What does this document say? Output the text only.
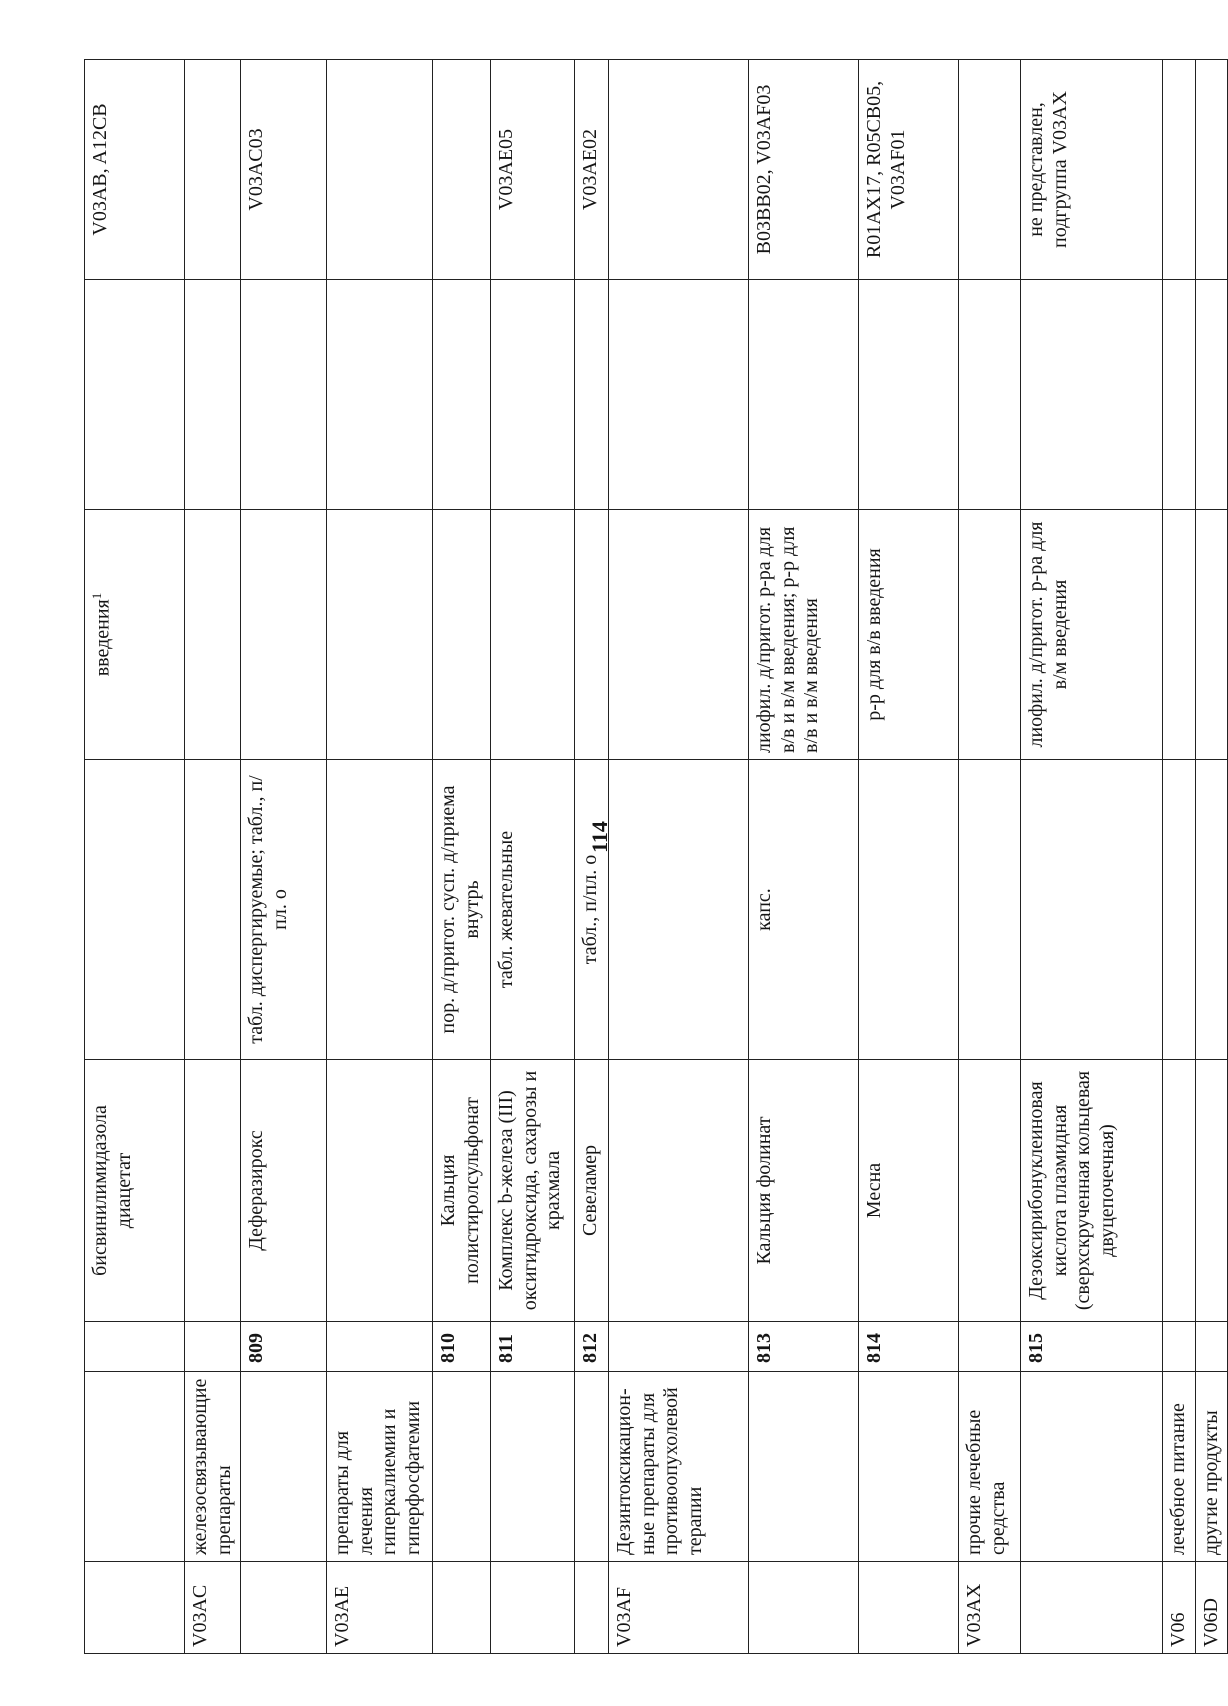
114
			бисвинилимидазола диацетат		введения$^1$		V03AB, A12CB
V03AC	железосвязывающие препараты						
		809	Деферазирокс	табл. диспергируемые; табл., п/пл. о			V03AC03
V03AE	препараты для лечения гиперкалиемии и гиперфосфатемии						
		810	Кальция полистиролсульфонат	пор. д/пригот. сусп. д/приема внутрь			
		811	Комплекс b-железа (III) оксигидроксида, сахарозы и крахмала	табл. жевательные			V03AE05
		812	Севеламер	табл., п/пл. о			V03AE02
V03AF	Дезинтоксикацион-ные препараты для противоопухолевой терапии						
		813	Кальция фолинат	капс.	лиофил. д/пригот. р-ра для в/в и в/м введения; р-р для в/в и в/м введения		B03BB02, V03AF03
		814	Месна		р-р для в/в введения		R01AX17, R05CB05, V03AF01
V03AX	прочие лечебные средства						
		815	Дезоксирибонуклеиновая кислота плазмидная (сверхскрученная кольцевая двуцепочечная)		лиофил. д/пригот. р-ра для в/м введения		не представлен, подгруппа V03AX
V06	лечебное питание						
V06D	другие продукты						
